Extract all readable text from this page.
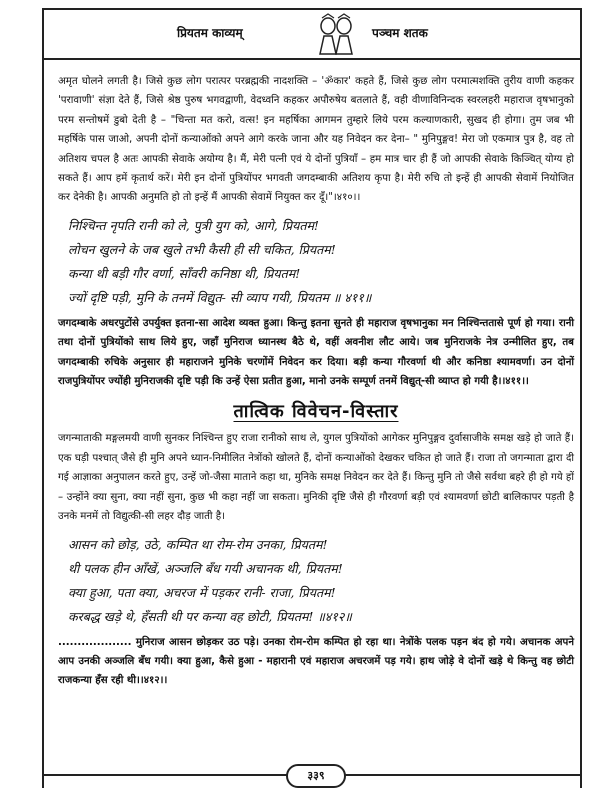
प्रियतम काव्यम्	पञ्चम शतक

अमृत घोलने लगती है। जिसे कुछ लोग परात्पर परब्रह्मकी नादशक्ति – 'ॐकार' कहते हैं, जिसे कुछ लोग परमात्मशक्ति तुरीय वाणी कहकर 'परावाणी' संज्ञा देते हैं, जिसे श्रेष्ठ पुरुष भगवद्वाणी, वेदध्वनि कहकर अपौरुषेय बतलाते हैं, वही वीणाविनिन्दक स्वरलहरी महाराज वृषभानुको परम सन्तोषमें डुबो देती है – "चिन्ता मत करो, वत्स! इन महर्षिका आगमन तुम्हारे लिये परम कल्याणकारी, सुखद ही होगा। तुम जब भी महर्षिके पास जाओ, अपनी दोनों कन्याओंको अपने आगे करके जाना और यह निवेदन कर देना– " मुनिपुङ्गव! मेरा जो एकमात्र पुत्र है, वह तो अतिशय चपल है अतः आपकी सेवाके अयोग्य है। मैं, मेरी पत्नी एवं ये दोनों पुत्रियाँ – हम मात्र चार ही हैं जो आपकी सेवाके किञ्चित् योग्य हो सकते हैं। आप हमें कृतार्थ करें। मेरी इन दोनों पुत्रियोंपर भगवती जगदम्बाकी अतिशय कृपा है। मेरी रुचि तो इन्हें ही आपकी सेवामें नियोजित कर देनेकी है। आपकी अनुमति हो तो इन्हें मैं आपकी सेवामें नियुक्त कर दूँ।"।४१०।।

निश्चिन्त नृपति रानी को ले, पुत्री युग को, आगे, प्रियतम!
लोचन खुलने के जब खुले तभी कैसी ही सी चकित, प्रियतम!
कन्या थी बड़ी गौर वर्णा, साँवरी कनिष्ठा थी, प्रियतम!
ज्यों दृष्टि पड़ी, मुनि के तनमें विद्युत- सी व्याप गयी, प्रियतम ॥ ४११॥

जगदम्बाके अधरपुटोंसे उपर्युक्त इतना-सा आदेश व्यक्त हुआ। किन्तु इतना सुनते ही महाराज वृषभानुका मन निश्चिन्ततासे पूर्ण हो गया। रानी तथा दोनों पुत्रियोंको साथ लिये हुए, जहाँ मुनिराज ध्यानस्थ बैठे थे, वहीं अवनीश लौट आये। जब मुनिराजके नेत्र उन्मीलित हुए, तब जगदम्बाकी रुचिके अनुसार ही महाराजने मुनिके चरणोंमें निवेदन कर दिया। बड़ी कन्या गौरवर्णा थी और कनिष्ठा श्यामवर्णा। उन दोनों राजपुत्रियोंपर ज्योंही मुनिराजकी दृष्टि पड़ी कि उन्हें ऐसा प्रतीत हुआ, मानो उनके सम्पूर्ण तनमें विद्युत्-सी व्याप्त हो गयी है।।४११।।

तात्विक विवेचन-विस्तार

जगन्माताकी मङ्गलमयी वाणी सुनकर निश्चिन्त हुए राजा रानीको साथ ले, युगल पुत्रियोंको आगेकर मुनिपुङ्गव दुर्वासाजीके समक्ष खड़े हो जाते हैं। एक घड़ी पश्चात् जैसे ही मुनि अपने ध्यान-निमीलित नेत्रोंको खोलते हैं, दोनों कन्याओंको देखकर चकित हो जाते हैं। राजा तो जगन्माता द्वारा दी गई आज्ञाका अनुपालन करते हुए, उन्हें जो-जैसा माताने कहा था, मुनिके समक्ष निवेदन कर देते हैं। किन्तु मुनि तो जैसे सर्वथा बहरे ही हो गये हों – उन्होंने क्या सुना, क्या नहीं सुना, कुछ भी कहा नहीं जा सकता। मुनिकी दृष्टि जैसे ही गौरवर्णा बड़ी एवं श्यामवर्णा छोटी बालिकापर पड़ती है उनके मनमें तो विद्युत्की-सी लहर दौड़ जाती है।

आसन को छोड़, उठे, कम्पित था रोम-रोम उनका, प्रियतम!
थी पलक हीन आँखें, अञ्जलि बँध गयी अचानक थी, प्रियतम!
क्या हुआ, पता क्या, अचरज में पड़कर रानी- राजा, प्रियतम!
करबद्ध खड़े थे, हँसती थी पर कन्या वह छोटी, प्रियतम! ॥४१२॥

................... मुनिराज आसन छोड़कर उठ पड़े। उनका रोम-रोम कम्पित हो रहा था। नेत्रोंके पलक पड़न बंद हो गये। अचानक अपने आप उनकी अञ्जलि बँध गयी। क्या हुआ, कैसे हुआ - महारानी एवं महाराज अचरजमें पड़ गये। हाथ जोड़े वे दोनों खड़े थे किन्तु वह छोटी राजकन्या हँस रही थी।।४१२।।

३३९
